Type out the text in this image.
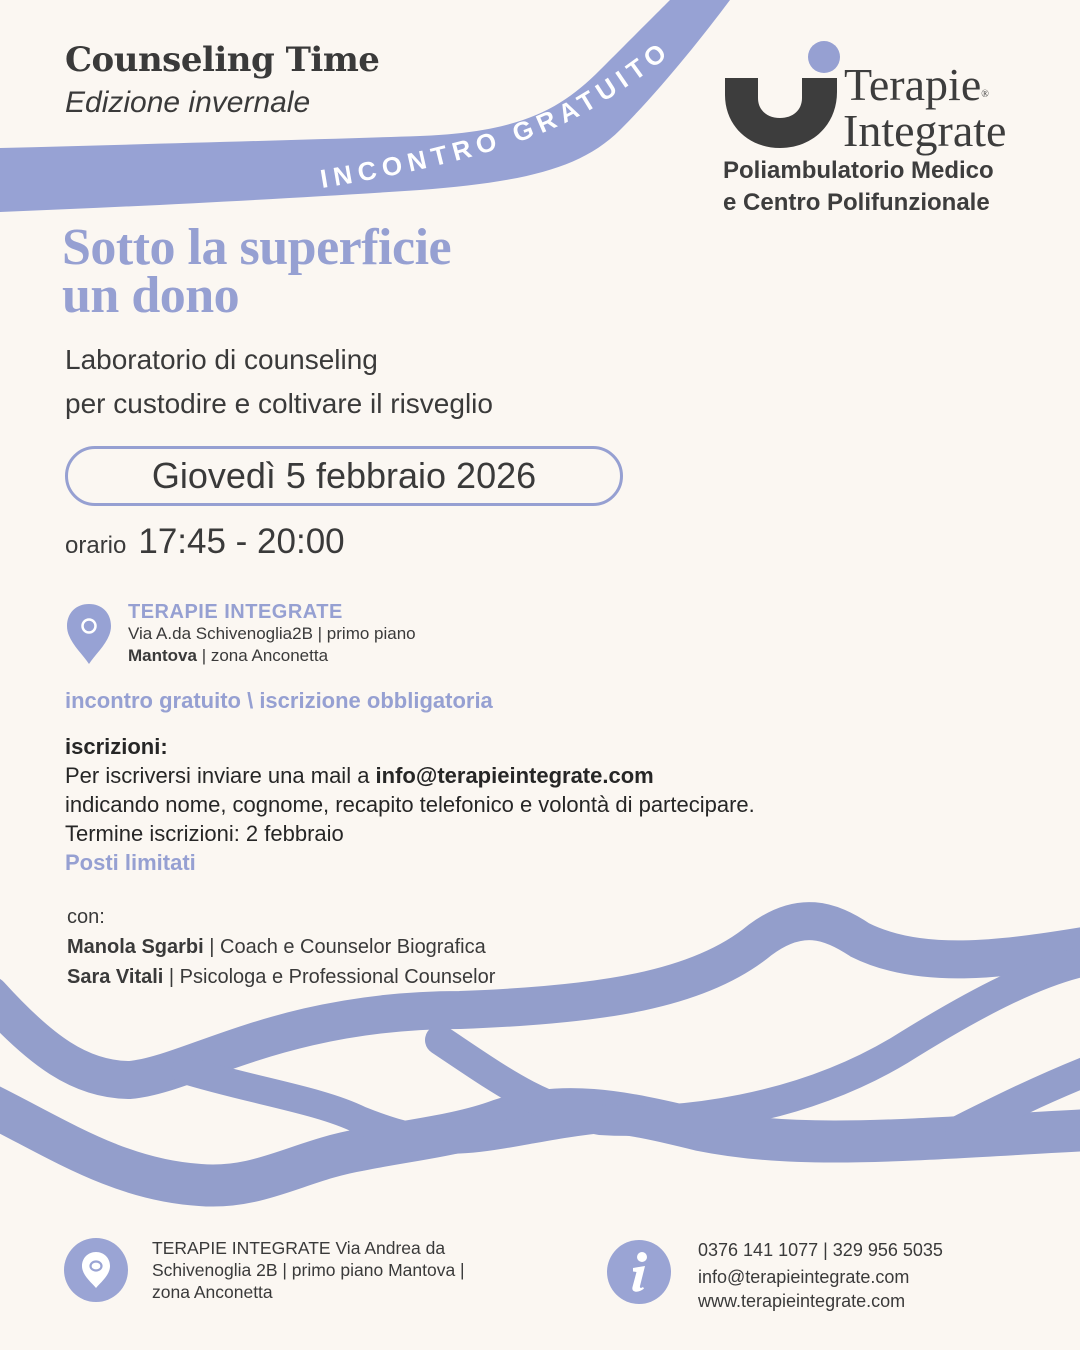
INCONTRO GRATUITO
Counseling Time
Edizione invernale	Terapie®
Integrate
Poliambulatorio Medico
e Centro Polifunzionale
Sotto la superficie
un dono
Laboratorio di counseling
per custodire e coltivare il risveglio
Giovedì 5 febbraio 2026
orario 17:45 - 20:00
TERAPIE INTEGRATE
Via A.da Schivenoglia2B | primo piano
Mantova | zona Anconetta
incontro gratuito \ iscrizione obbligatoria
iscrizioni:
Per iscriversi inviare una mail a info@terapieintegrate.com
indicando nome, cognome, recapito telefonico e volontà di partecipare.
Termine iscrizioni: 2 febbraio
Posti limitati
con:
Manola Sgarbi | Coach e Counselor Biografica
Sara Vitali | Psicologa e Professional Counselor
TERAPIE INTEGRATE Via Andrea da
Schivenoglia 2B | primo piano Mantova |
zona Anconetta
0376 141 1077 | 329 956 5035
info@terapieintegrate.com
www.terapieintegrate.com
